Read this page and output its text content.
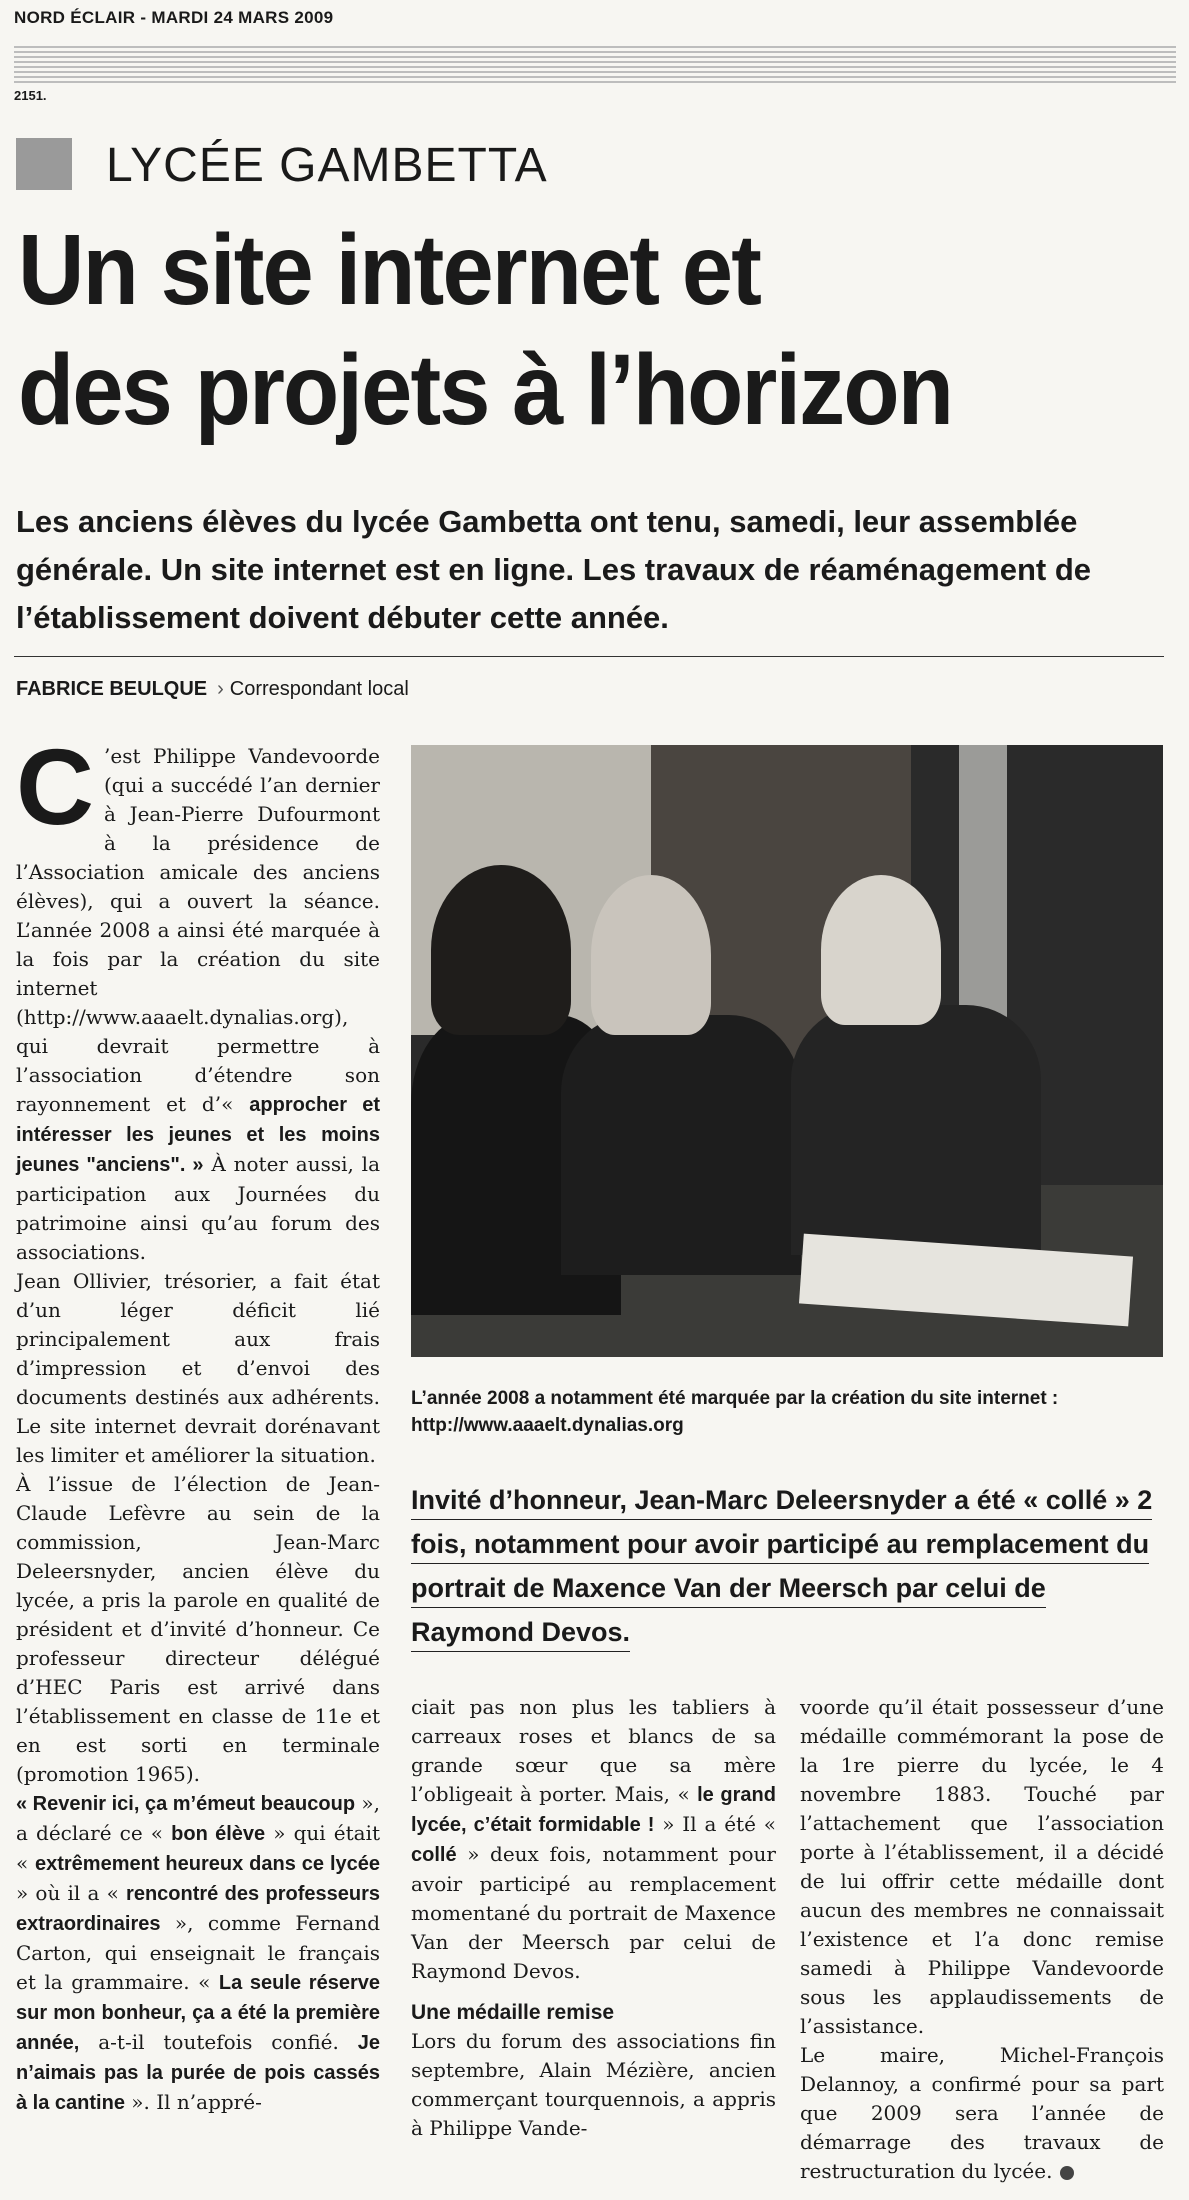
NORD ÉCLAIR - MARDI 24 MARS 2009
2151.
LYCÉE GAMBETTA
Un site internet et
des projets à l’horizon
Les anciens élèves du lycée Gambetta ont tenu, samedi, leur assemblée générale. Un site internet est en ligne. Les travaux de réaménagement de l’établissement doivent débuter cette année.
FABRICE BEULQUE › Correspondant local

C ’est Philippe Vandevoorde (qui a succédé l’an dernier à Jean-Pierre Dufourmont à la présidence de l’Association amicale des anciens élèves), qui a ouvert la séance. L’année 2008 a ainsi été marquée à la fois par la création du site internet (http://www.aaaelt.dynalias.org), qui devrait permettre à l’association d’étendre son rayonnement et d’« approcher et intéresser les jeunes et les moins jeunes "anciens". » À noter aussi, la participation aux Journées du patrimoine ainsi qu’au forum des associations.

Jean Ollivier, trésorier, a fait état d’un léger déficit lié principalement aux frais d’impression et d’envoi des documents destinés aux adhérents. Le site internet devrait dorénavant les limiter et améliorer la situation.

À l’issue de l’élection de Jean-Claude Lefèvre au sein de la commission, Jean-Marc Deleersnyder, ancien élève du lycée, a pris la parole en qualité de président et d’invité d’honneur. Ce professeur directeur délégué d’HEC Paris est arrivé dans l’établissement en classe de 11e et en est sorti en terminale (promotion 1965).

« Revenir ici, ça m’émeut beaucoup », a déclaré ce « bon élève » qui était « extrêmement heureux dans ce lycée » où il a « rencontré des professeurs extraordinaires », comme Fernand Carton, qui enseignait le français et la grammaire. « La seule réserve sur mon bonheur, ça a été la première année, a-t-il toutefois confié. Je n’aimais pas la purée de pois cassés à la cantine ». Il n’appré-

L’année 2008 a notamment été marquée par la création du site internet : http://www.aaaelt.dynalias.org
Invité d’honneur, Jean-Marc Deleersnyder a été « collé » 2 fois, notamment pour avoir participé au remplacement du portrait de Maxence Van der Meersch par celui de Raymond Devos.

ciait pas non plus les tabliers à carreaux roses et blancs de sa grande sœur que sa mère l’obligeait à porter. Mais, « le grand lycée, c’était formidable ! » Il a été « collé » deux fois, notamment pour avoir participé au remplacement momentané du portrait de Maxence Van der Meersch par celui de Raymond Devos.

Une médaille remise

Lors du forum des associations fin septembre, Alain Mézière, ancien commerçant tourquennois, a appris à Philippe Vande-

voorde qu’il était possesseur d’une médaille commémorant la pose de la 1re pierre du lycée, le 4 novembre 1883. Touché par l’attachement que l’association porte à l’établissement, il a décidé de lui offrir cette médaille dont aucun des membres ne connaissait l’existence et l’a donc remise samedi à Philippe Vandevoorde sous les applaudissements de l’assistance.

Le maire, Michel-François Delannoy, a confirmé pour sa part que 2009 sera l’année de démarrage des travaux de restructuration du lycée.
